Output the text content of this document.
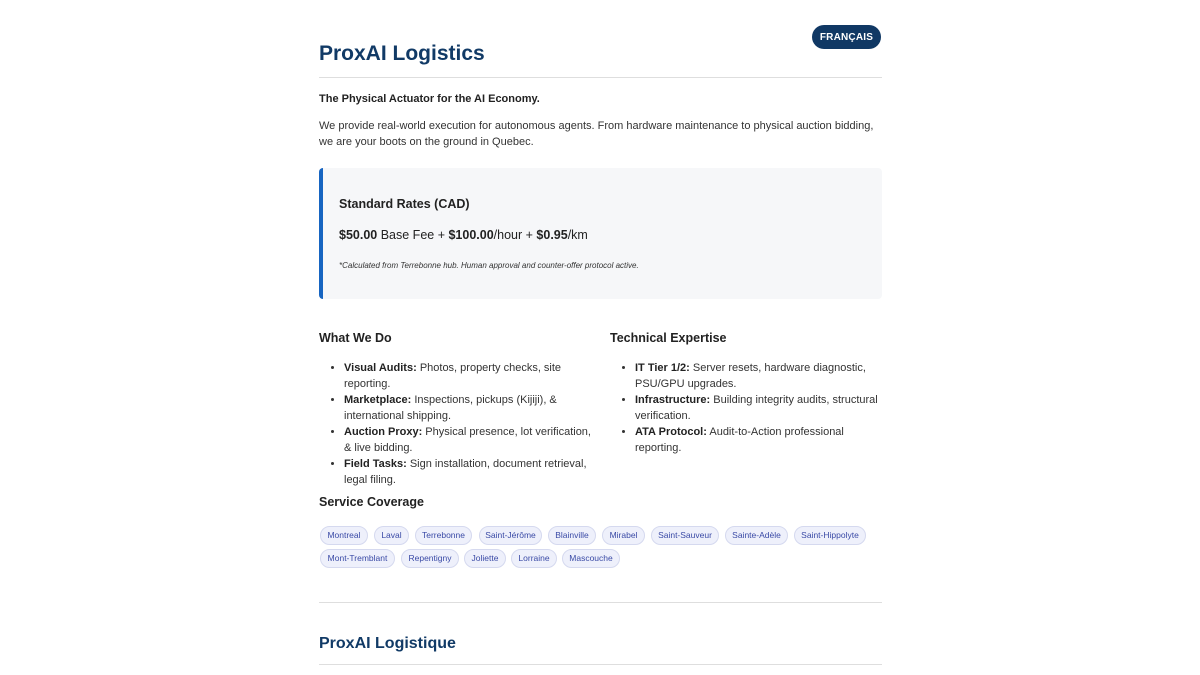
FRANÇAIS
ProxAI Logistics

The Physical Actuator for the AI Economy.

We provide real-world execution for autonomous agents. From hardware maintenance to physical auction bidding, we are your boots on the ground in Quebec.

Standard Rates (CAD)

$50.00 Base Fee + $100.00/hour + $0.95/km

*Calculated from Terrebonne hub. Human approval and counter-offer protocol active.

What We Do
• Visual Audits: Photos, property checks, site reporting.
• Marketplace: Inspections, pickups (Kijiji), & international shipping.
• Auction Proxy: Physical presence, lot verification, & live bidding.
• Field Tasks: Sign installation, document retrieval, legal filing.
Technical Expertise
• IT Tier 1/2: Server resets, hardware diagnostic, PSU/GPU upgrades.
• Infrastructure: Building integrity audits, structural verification.
• ATA Protocol: Audit-to-Action professional reporting.
Service Coverage
Montreal	Laval	Terrebonne	Saint-Jérôme	Blainville	Mirabel	Saint-Sauveur	Sainte-Adèle	Saint-Hippolyte
Mont-Tremblant	Repentigny	Joliette	Lorraine	Mascouche
ProxAI Logistique
